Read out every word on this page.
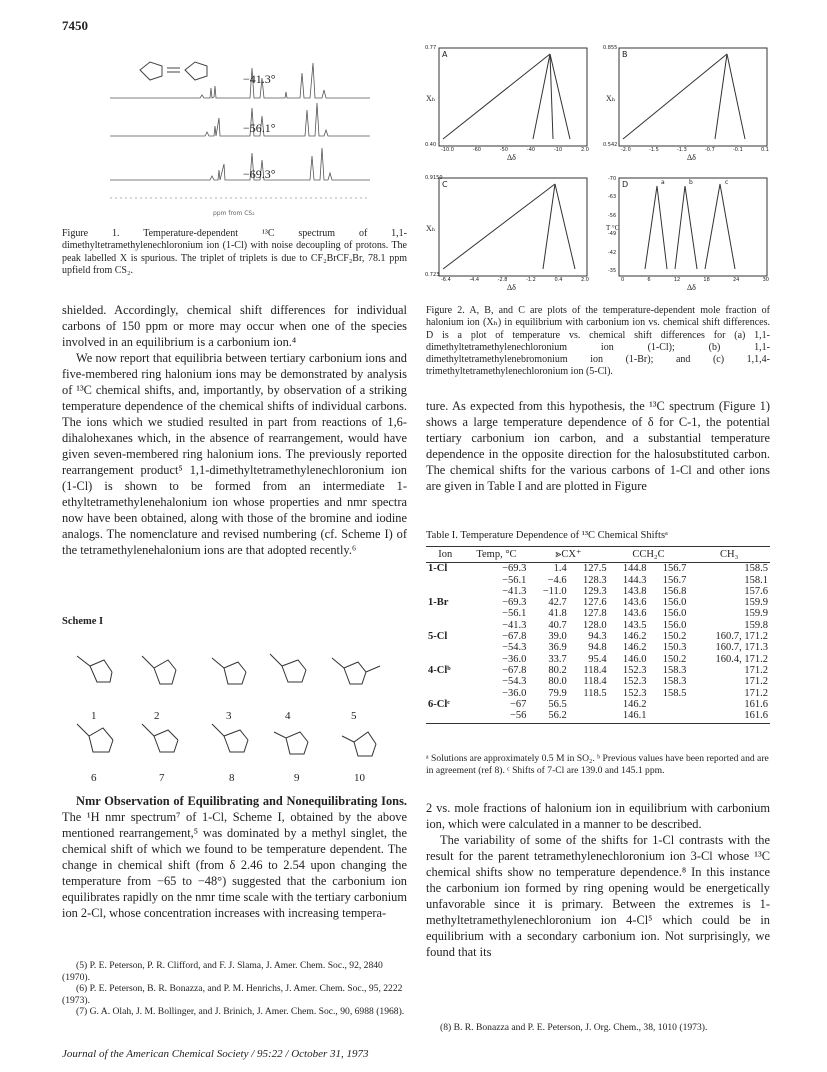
7450
−41.3°
−56.1°
−69.3°
ppm from CS₂
Figure 1. Temperature-dependent ¹³C spectrum of 1,1-dimethyltetramethylenechloronium ion (1-Cl) with noise decoupling of protons. The peak labelled X is spurious. The triplet of triplets is due to CF₂BrCF₂Br, 78.1 ppm upfield from CS₂.
A
0.77
0.40
-10.0	-60	-50	-40	-10	2.0
Δδ
Xₕ
B
0.855
0.542
-2.0	-1.5	-1.3	-0.7	-0.1	0.1
Δδ
Xₕ
C
0.9150
0.723
-6.4	-4.4	-2.8	-1.2	0.4	2.0
Δδ
Xₕ
D
-70
-63
-56
-49
-42
-35
0	6	12	18	24	30
a	b	c
Δδ
T °C
Figure 2. A, B, and C are plots of the temperature-dependent mole fraction of halonium ion (Xₕ) in equilibrium with carbonium ion vs. chemical shift differences. D is a plot of temperature vs. chemical shift differences for (a) 1,1-dimethyltetramethylenechloronium ion (1-Cl); (b) 1,1-dimethyltetramethylenebromonium ion (1-Br); and (c) 1,1,4-trimethyltetramethylenechloronium ion (5-Cl).

shielded. Accordingly, chemical shift differences for individual carbons of 150 ppm or more may occur when one of the species involved in an equilibrium is a carbonium ion.⁴

We now report that equilibria between tertiary carbonium ions and five-membered ring halonium ions may be demonstrated by analysis of ¹³C chemical shifts, and, importantly, by observation of a striking temperature dependence of the chemical shifts of individual carbons. The ions which we studied resulted in part from reactions of 1,6-dihalohexanes which, in the absence of rearrangement, would have given seven-membered ring halonium ions. The previously reported rearrangement product⁵ 1,1-dimethyltetramethylenechloronium ion (1-Cl) is shown to be formed from an intermediate 1-ethyltetramethylenehalonium ion whose properties and nmr spectra now have been obtained, along with those of the bromine and iodine analogs. The nomenclature and revised numbering (cf. Scheme I) of the tetramethylenehalonium ions are that adopted recently.⁶

Scheme I
1	2	3	4	5
6	7	8	9	10

Nmr Observation of Equilibrating and Nonequilibrating Ions. The ¹H nmr spectrum⁷ of 1-Cl, Scheme I, obtained by the above mentioned rearrangement,⁵ was dominated by a methyl singlet, the chemical shift of which we found to be temperature dependent. The change in chemical shift (from δ 2.46 to 2.54 upon changing the temperature from −65 to −48°) suggested that the carbonium ion equilibrates rapidly on the nmr time scale with the tertiary carbonium ion 2-Cl, whose concentration increases with increasing tempera-

(5) P. E. Peterson, P. R. Clifford, and F. J. Slama, J. Amer. Chem. Soc., 92, 2840 (1970).
(6) P. E. Peterson, B. R. Bonazza, and P. M. Henrichs, J. Amer. Chem. Soc., 95, 2222 (1973).
(7) G. A. Olah, J. M. Bollinger, and J. Brinich, J. Amer. Chem. Soc., 90, 6988 (1968).

ture. As expected from this hypothesis, the ¹³C spectrum (Figure 1) shows a large temperature dependence of δ for C-1, the potential tertiary carbonium ion carbon, and a substantial temperature dependence in the opposite direction for the halosubstituted carbon. The chemical shifts for the various carbons of 1-Cl and other ions are given in Table I and are plotted in Figure

Table I. Temperature Dependence of ¹³C Chemical Shiftsᵃ
Ion	Temp, °C	⪢CX⁺		CCH₂C		CH₃
1-Cl	−69.3	1.4	127.5	144.8	156.7	158.5
	−56.1	−4.6	128.3	144.3	156.7	158.1
	−41.3	−11.0	129.3	143.8	156.8	157.6
1-Br	−69.3	42.7	127.6	143.6	156.0	159.9
	−56.1	41.8	127.8	143.6	156.0	159.9
	−41.3	40.7	128.0	143.5	156.0	159.8
5-Cl	−67.8	39.0	94.3	146.2	150.2	160.7, 171.2
	−54.3	36.9	94.8	146.2	150.3	160.7, 171.3
	−36.0	33.7	95.4	146.0	150.2	160.4, 171.2
4-Clᵇ	−67.8	80.2	118.4	152.3	158.3	171.2
	−54.3	80.0	118.4	152.3	158.3	171.2
	−36.0	79.9	118.5	152.3	158.5	171.2
6-Clᶜ	−67	56.5		146.2		161.6
	−56	56.2		146.1		161.6
ᵃ Solutions are approximately 0.5 M in SO₂. ᵇ Previous values have been reported and are in agreement (ref 8). ᶜ Shifts of 7-Cl are 139.0 and 145.1 ppm.

2 vs. mole fractions of halonium ion in equilibrium with carbonium ion, which were calculated in a manner to be described.

The variability of some of the shifts for 1-Cl contrasts with the result for the parent tetramethylenechloronium ion 3-Cl whose ¹³C chemical shifts show no temperature dependence.⁸ In this instance the carbonium ion formed by ring opening would be energetically unfavorable since it is primary. Between the extremes is 1-methyltetramethylenechloronium ion 4-Cl⁵ which could be in equilibrium with a secondary carbonium ion. Not surprisingly, we found that its

(8) B. R. Bonazza and P. E. Peterson, J. Org. Chem., 38, 1010 (1973).
Journal of the American Chemical Society / 95:22 / October 31, 1973
